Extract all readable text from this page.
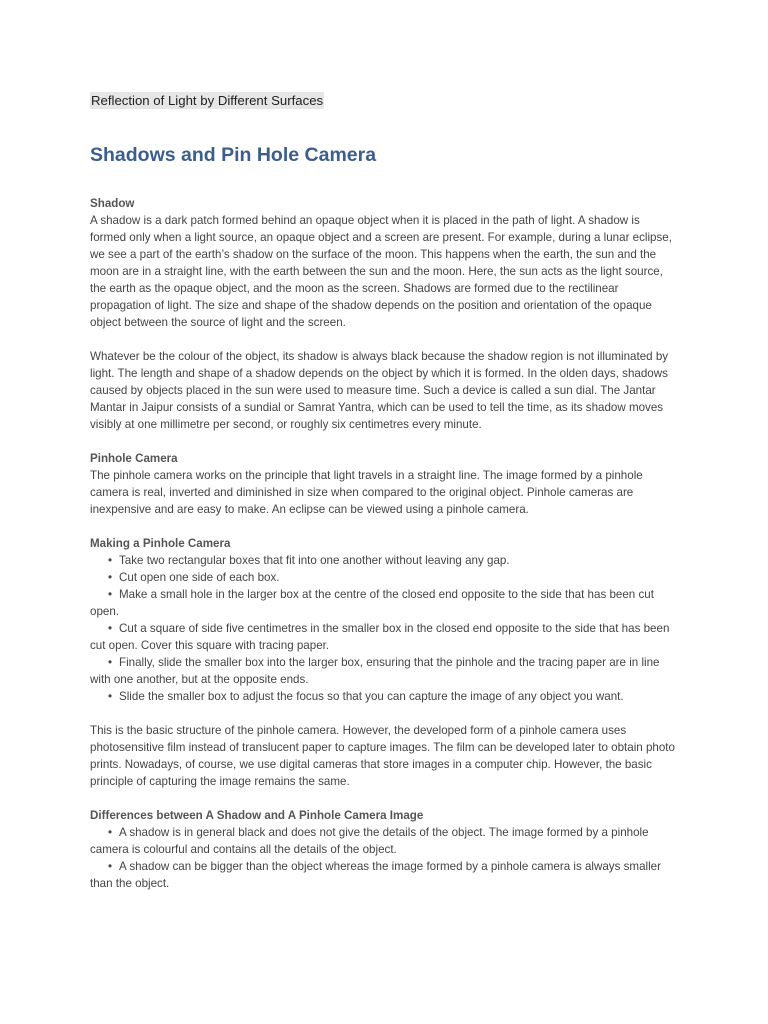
Reflection of Light by Different Surfaces
Shadows and Pin Hole Camera
Shadow

A shadow is a dark patch formed behind an opaque object when it is placed in the path of light. A shadow is formed only when a light source, an opaque object and a screen are present. For example, during a lunar eclipse, we see a part of the earth’s shadow on the surface of the moon. This happens when the earth, the sun and the moon are in a straight line, with the earth between the sun and the moon. Here, the sun acts as the light source, the earth as the opaque object, and the moon as the screen. Shadows are formed due to the rectilinear propagation of light. The size and shape of the shadow depends on the position and orientation of the opaque object between the source of light and the screen.

Whatever be the colour of the object, its shadow is always black because the shadow region is not illuminated by light. The length and shape of a shadow depends on the object by which it is formed. In the olden days, shadows caused by objects placed in the sun were used to measure time. Such a device is called a sun dial. The Jantar Mantar in Jaipur consists of a sundial or Samrat Yantra, which can be used to tell the time, as its shadow moves visibly at one millimetre per second, or roughly six centimetres every minute.

Pinhole Camera

The pinhole camera works on the principle that light travels in a straight line. The image formed by a pinhole camera is real, inverted and diminished in size when compared to the original object. Pinhole cameras are inexpensive and are easy to make. An eclipse can be viewed using a pinhole camera.

Making a Pinhole Camera
• Take two rectangular boxes that fit into one another without leaving any gap.
• Cut open one side of each box.
• Make a small hole in the larger box at the centre of the closed end opposite to the side that has been cut open.
• Cut a square of side five centimetres in the smaller box in the closed end opposite to the side that has been cut open. Cover this square with tracing paper.
• Finally, slide the smaller box into the larger box, ensuring that the pinhole and the tracing paper are in line with one another, but at the opposite ends.
• Slide the smaller box to adjust the focus so that you can capture the image of any object you want.

This is the basic structure of the pinhole camera. However, the developed form of a pinhole camera uses photosensitive film instead of translucent paper to capture images. The film can be developed later to obtain photo prints. Nowadays, of course, we use digital cameras that store images in a computer chip. However, the basic principle of capturing the image remains the same.

Differences between A Shadow and A Pinhole Camera Image
• A shadow is in general black and does not give the details of the object. The image formed by a pinhole camera is colourful and contains all the details of the object.
• A shadow can be bigger than the object whereas the image formed by a pinhole camera is always smaller than the object.
